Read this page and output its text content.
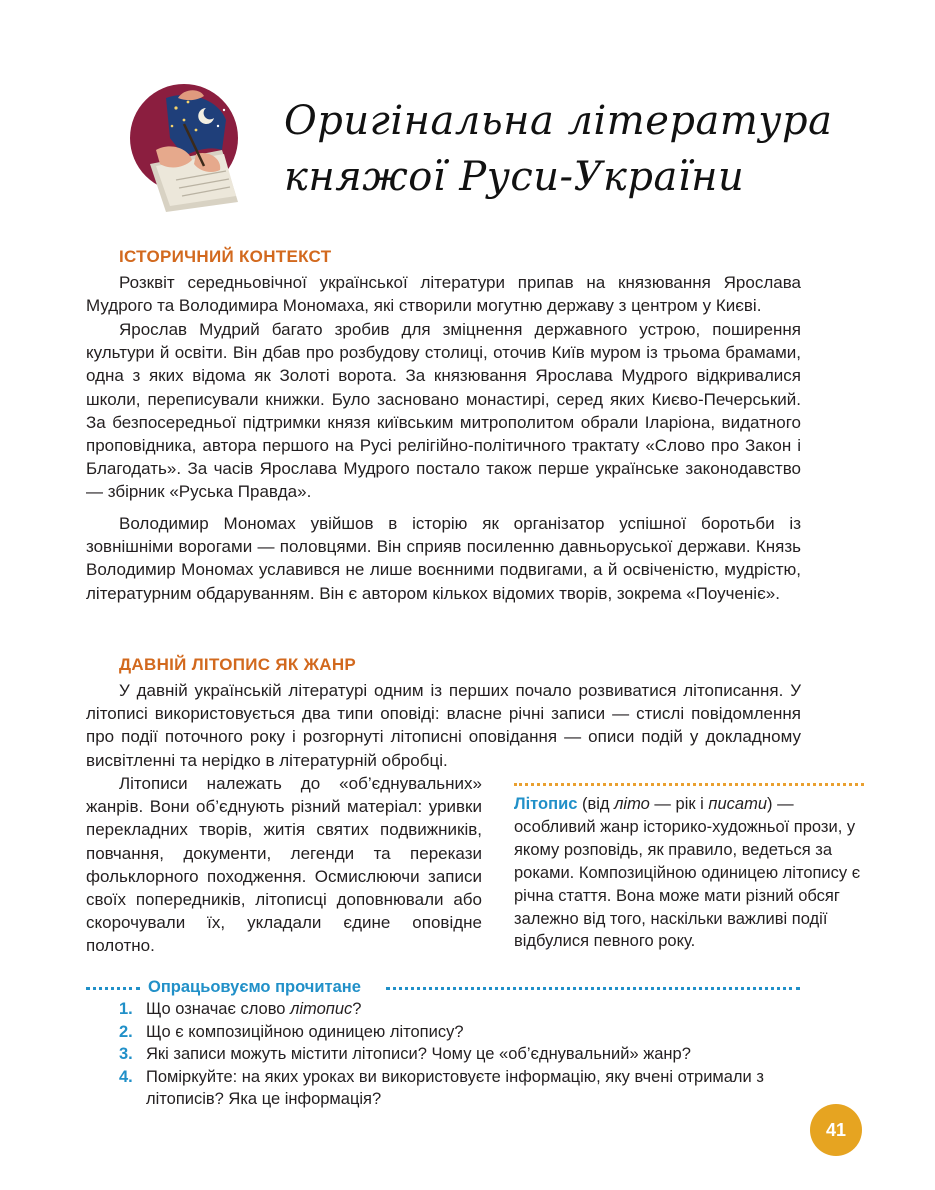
Оригінальна література
княжої Руси-України
ІСТОРИЧНИЙ КОНТЕКСТ

Розквіт середньовічної української літератури припав на князювання Ярослава Мудрого та Володимира Мономаха, які створили могутню державу з центром у Києві.

Ярослав Мудрий багато зробив для зміцнення державного устрою, поширення культури й освіти. Він дбав про розбудову столиці, оточив Київ муром із трьома брамами, одна з яких відома як Золоті ворота. За князювання Ярослава Мудрого відкривалися школи, переписували книжки. Було засновано монастирі, серед яких Києво-Печерський. За безпосередньої підтримки князя київським митрополитом обрали Іларіона, видатного проповідника, автора першого на Русі релігійно-політичного трактату «Слово про Закон і Благодать». За часів Ярослава Мудрого постало також перше українське законодавство — збірник «Руська Правда».

Володимир Мономах увійшов в історію як організатор успішної боротьби із зовнішніми ворогами — половцями. Він сприяв посиленню давньоруської держави. Князь Володимир Мономах уславився не лише воєнними подвигами, а й освіченістю, мудрістю, літературним обдаруванням. Він є автором кількох відомих творів, зокрема «Поученіє».

ДАВНІЙ ЛІТОПИС ЯК ЖАНР

У давній українській літературі одним із перших почало розвиватися літописання. У літописі використовується два типи оповіді: власне річні записи — стислі повідомлення про події поточного року і розгорнуті літописні оповідання — описи подій у докладному висвітленні та нерідко в літературній обробці.

Літописи належать до «об’єднувальних» жанрів. Вони об’єднують різний матеріал: уривки перекладних творів, житія святих подвижників, повчання, документи, легенди та перекази фольклорного походження. Осмислюючи записи своїх попередників, літописці доповнювали або скорочували їх, укладали єдине оповідне полотно.

Літопис (від літо — рік і писати) — особливий жанр історико-художньої прози, у якому розповідь, як правило, ведеться за роками. Композиційною одиницею літопису є річна стаття. Вона може мати різний обсяг залежно від того, наскільки важливі події відбулися певного року.

Опрацьовуємо прочитане
1. Що означає слово літопис?
2. Що є композиційною одиницею літопису?
3. Які записи можуть містити літописи? Чому це «об’єднувальний» жанр?
4. Поміркуйте: на яких уроках ви використовуєте інформацію, яку вчені отримали з літописів? Яка це інформація?
41
